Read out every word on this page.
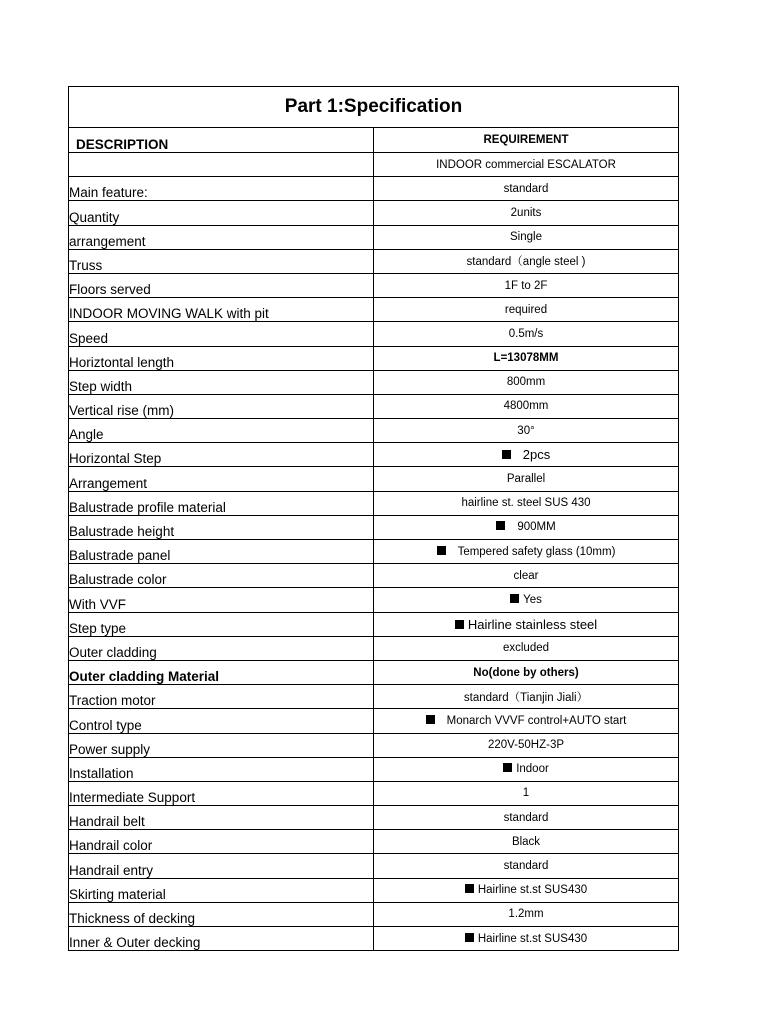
Part 1:Specification	
DESCRIPTION	REQUIREMENT
	INDOOR commercial ESCALATOR
Main feature:	standard
Quantity	2units
arrangement	Single
Truss	standard（angle steel )
Floors served	1F to 2F
INDOOR MOVING WALK with pit	required
Speed	0.5m/s
Horiztontal length	L=13078MM
Step width	800mm
Vertical rise (mm)	4800mm
Angle	30°
Horizontal Step	2pcs
Arrangement	Parallel
Balustrade profile material	hairline st. steel SUS 430
Balustrade height	900MM
Balustrade panel	Tempered safety glass (10mm)
Balustrade color	clear
With VVF	Yes
Step type	Hairline stainless steel
Outer cladding	excluded
Outer cladding Material	No(done by others)
Traction motor	standard（Tianjin Jiali）
Control type	Monarch VVVF control+AUTO start
Power supply	220V-50HZ-3P
Installation	Indoor
Intermediate Support	1
Handrail belt	standard
Handrail color	Black
Handrail entry	standard
Skirting material	Hairline st.st SUS430
Thickness of decking	1.2mm
Inner & Outer decking	Hairline st.st SUS430
